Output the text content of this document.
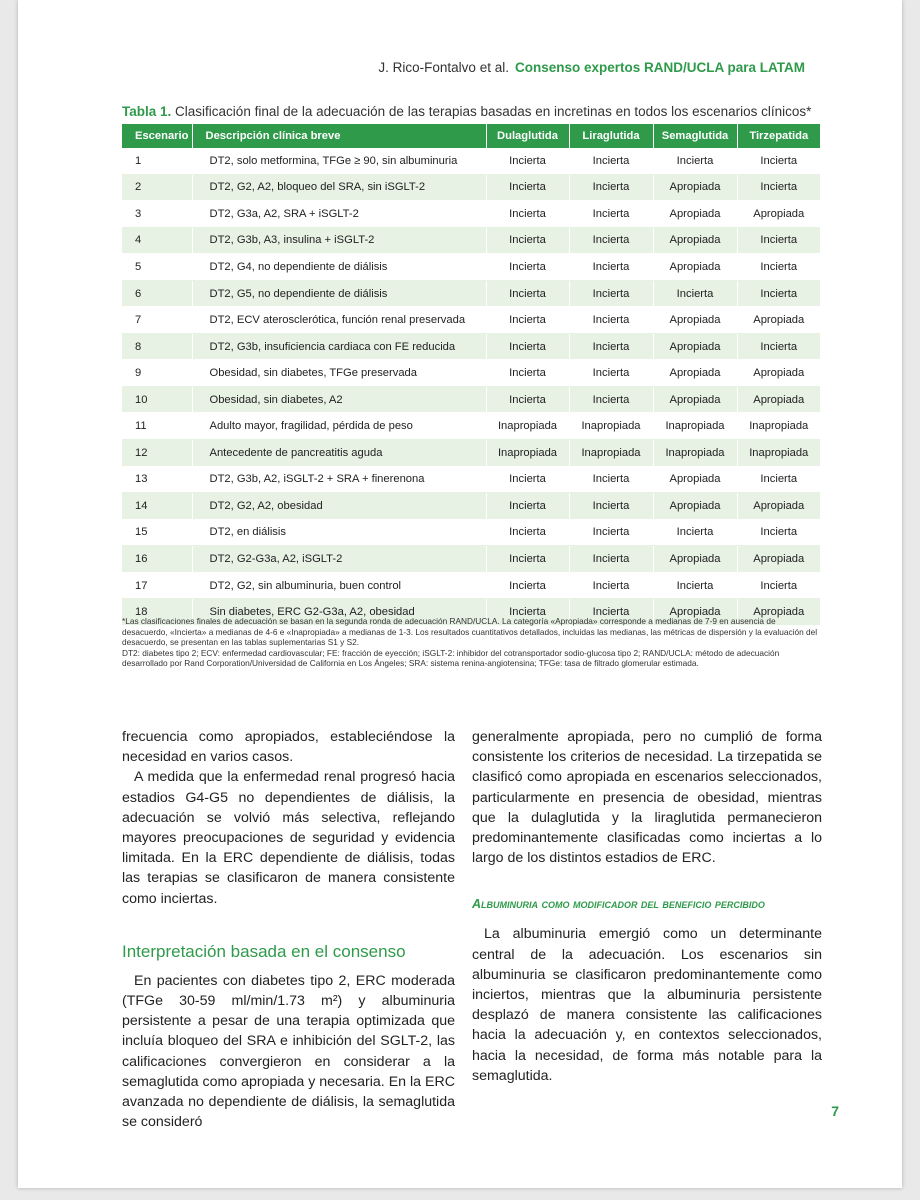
J. Rico-Fontalvo et al. Consenso expertos RAND/UCLA para LATAM
Tabla 1. Clasificación final de la adecuación de las terapias basadas en incretinas en todos los escenarios clínicos*
Escenario	Descripción clínica breve	Dulaglutida	Liraglutida	Semaglutida	Tirzepatida
1	DT2, solo metformina, TFGe ≥ 90, sin albuminuria	Incierta	Incierta	Incierta	Incierta
2	DT2, G2, A2, bloqueo del SRA, sin iSGLT-2	Incierta	Incierta	Apropiada	Incierta
3	DT2, G3a, A2, SRA + iSGLT-2	Incierta	Incierta	Apropiada	Apropiada
4	DT2, G3b, A3, insulina + iSGLT-2	Incierta	Incierta	Apropiada	Incierta
5	DT2, G4, no dependiente de diálisis	Incierta	Incierta	Apropiada	Incierta
6	DT2, G5, no dependiente de diálisis	Incierta	Incierta	Incierta	Incierta
7	DT2, ECV aterosclerótica, función renal preservada	Incierta	Incierta	Apropiada	Apropiada
8	DT2, G3b, insuficiencia cardiaca con FE reducida	Incierta	Incierta	Apropiada	Incierta
9	Obesidad, sin diabetes, TFGe preservada	Incierta	Incierta	Apropiada	Apropiada
10	Obesidad, sin diabetes, A2	Incierta	Incierta	Apropiada	Apropiada
11	Adulto mayor, fragilidad, pérdida de peso	Inapropiada	Inapropiada	Inapropiada	Inapropiada
12	Antecedente de pancreatitis aguda	Inapropiada	Inapropiada	Inapropiada	Inapropiada
13	DT2, G3b, A2, iSGLT-2 + SRA + finerenona	Incierta	Incierta	Apropiada	Incierta
14	DT2, G2, A2, obesidad	Incierta	Incierta	Apropiada	Apropiada
15	DT2, en diálisis	Incierta	Incierta	Incierta	Incierta
16	DT2, G2-G3a, A2, iSGLT-2	Incierta	Incierta	Apropiada	Apropiada
17	DT2, G2, sin albuminuria, buen control	Incierta	Incierta	Incierta	Incierta
18	Sin diabetes, ERC G2-G3a, A2, obesidad	Incierta	Incierta	Apropiada	Apropiada
*Las clasificaciones finales de adecuación se basan en la segunda ronda de adecuación RAND/UCLA. La categoría «Apropiada» corresponde a medianas de 7-9 en ausencia de desacuerdo, «Incierta» a medianas de 4-6 e «Inapropiada» a medianas de 1-3. Los resultados cuantitativos detallados, incluidas las medianas, las métricas de dispersión y la evaluación del desacuerdo, se presentan en las tablas suplementarias S1 y S2.
DT2: diabetes tipo 2; ECV: enfermedad cardiovascular; FE: fracción de eyección; iSGLT-2: inhibidor del cotransportador sodio-glucosa tipo 2; RAND/UCLA: método de adecuación desarrollado por Rand Corporation/Universidad de California en Los Ángeles; SRA: sistema renina-angiotensina; TFGe: tasa de filtrado glomerular estimada.

frecuencia como apropiados, estableciéndose la necesidad en varios casos.

A medida que la enfermedad renal progresó hacia estadios G4-G5 no dependientes de diálisis, la adecuación se volvió más selectiva, reflejando mayores preocupaciones de seguridad y evidencia limitada. En la ERC dependiente de diálisis, todas las terapias se clasificaron de manera consistente como inciertas.

Interpretación basada en el consenso

En pacientes con diabetes tipo 2, ERC moderada (TFGe 30-59 ml/min/1.73 m²) y albuminuria persistente a pesar de una terapia optimizada que incluía bloqueo del SRA e inhibición del SGLT-2, las calificaciones convergieron en considerar a la semaglutida como apropiada y necesaria. En la ERC avanzada no dependiente de diálisis, la semaglutida se consideró

generalmente apropiada, pero no cumplió de forma consistente los criterios de necesidad. La tirzepatida se clasificó como apropiada en escenarios seleccionados, particularmente en presencia de obesidad, mientras que la dulaglutida y la liraglutida permanecieron predominantemente clasificadas como inciertas a lo largo de los distintos estadios de ERC.

Albuminuria como modificador del beneficio percibido

La albuminuria emergió como un determinante central de la adecuación. Los escenarios sin albuminuria se clasificaron predominantemente como inciertos, mientras que la albuminuria persistente desplazó de manera consistente las calificaciones hacia la adecuación y, en contextos seleccionados, hacia la necesidad, de forma más notable para la semaglutida.

7
